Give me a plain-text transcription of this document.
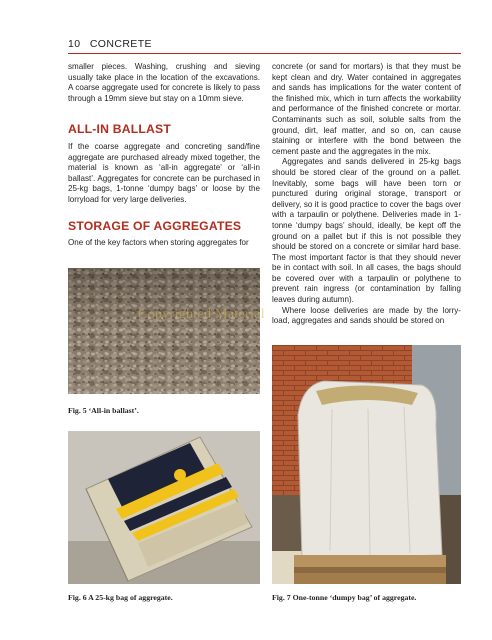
10 CONCRETE

smaller pieces. Washing, crushing and sieving usually take place in the location of the excavations. A coarse aggregate used for concrete is likely to pass through a 19mm sieve but stay on a 10mm sieve.

ALL-IN BALLAST

If the coarse aggregate and concreting sand/fine aggregate are purchased already mixed together, the material is known as ‘all-in aggregate’ or ‘all-in ballast’. Aggregates for concrete can be purchased in 25-kg bags, 1-tonne ‘dumpy bags’ or loose by the lorryload for very large deliveries.

STORAGE OF AGGREGATES

One of the key factors when storing aggregates for

concrete (or sand for mortars) is that they must be kept clean and dry. Water contained in aggregates and sands has implications for the water content of the finished mix, which in turn affects the workability and performance of the finished concrete or mortar. Contaminants such as soil, soluble salts from the ground, dirt, leaf matter, and so on, can cause staining or interfere with the bond between the cement paste and the aggregates in the mix.

Aggregates and sands delivered in 25-kg bags should be stored clear of the ground on a pallet. Inevitably, some bags will have been torn or punctured during original storage, transport or delivery, so it is good practice to cover the bags over with a tarpaulin or polythene. Deliveries made in 1-tonne ‘dumpy bags’ should, ideally, be kept off the ground on a pallet but if this is not possible they should be stored on a concrete or similar hard base. The most important factor is that they should never be in contact with soil. In all cases, the bags should be covered over with a tarpaulin or polythene to prevent rain ingress (or contamination by falling leaves during autumn).

Where loose deliveries are made by the lorry-load, aggregates and sands should be stored on

Fig. 5 ‘All-in ballast’.
Copyrighted Material
Fig. 6 A 25-kg bag of aggregate.	Fig. 7 One-tonne ‘dumpy bag’ of aggregate.
